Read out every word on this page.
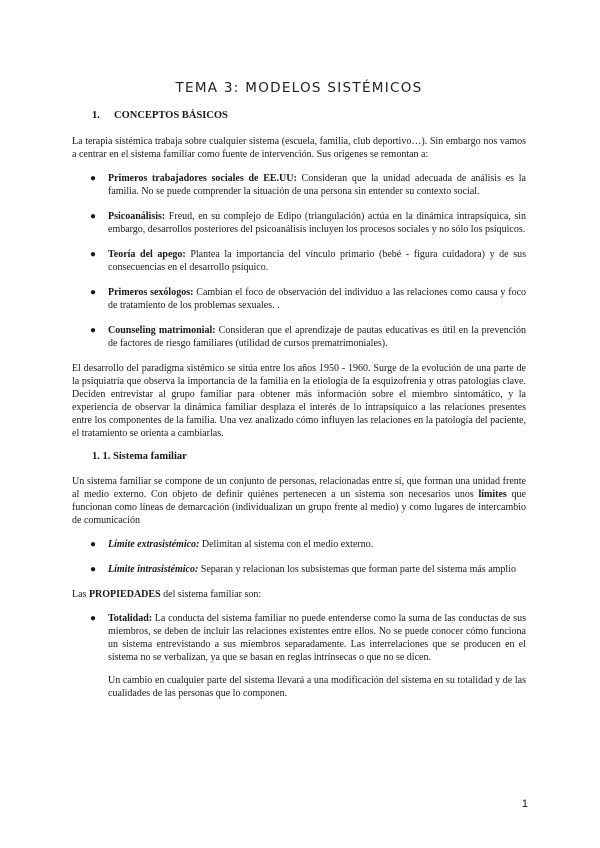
TEMA 3: MODELOS SISTÉMICOS
1. CONCEPTOS BÁSICOS

La terapia sistémica trabaja sobre cualquier sistema (escuela, familia, club deportivo…). Sin embargo nos vamos a centrar en el sistema familiar como fuente de intervención. Sus orígenes se remontan a:

● Primeros trabajadores sociales de EE.UU: Consideran que la unidad adecuada de análisis es la familia. No se puede comprender la situación de una persona sin entender su contexto social.
● Psicoanálisis: Freud, en su complejo de Edipo (triangulación) actúa en la dinámica intrapsíquica, sin embargo, desarrollos posteriores del psicoanálisis incluyen los procesos sociales y no sólo los psíquicos.
● Teoría del apego: Plantea la importancia del vínculo primario (bebé - figura cuidadora) y de sus consecuencias en el desarrollo psíquico.
● Primeros sexólogos: Cambian el foco de observación del individuo a las relaciones como causa y foco de tratamiento de los problemas sexuales. .
● Counseling matrimonial: Consideran que el aprendizaje de pautas educativas es útil en la prevención de factores de riesgo familiares (utilidad de cursos prematrimoniales).

El desarrollo del paradigma sistémico se sitúa entre los años 1950 - 1960. Surge de la evolución de una parte de la psiquiatría que observa la importancia de la familia en la etiología de la esquizofrenia y otras patologías clave. Deciden entrevistar al grupo familiar para obtener más información sobre el miembro sintomático, y la experiencia de observar la dinámica familiar desplaza el interés de lo intrapsíquico a las relaciones presentes entre los componentes de la familia. Una vez analizado cómo influyen las relaciones en la patología del paciente, el tratamiento se orienta a cambiarlas.

1. 1. Sistema familiar

Un sistema familiar se compone de un conjunto de personas, relacionadas entre sí, que forman una unidad frente al medio externo. Con objeto de definir quiénes pertenecen a un sistema son necesarios unos límites que funcionan como líneas de demarcación (individualizan un grupo frente al medio) y como lugares de intercambio de comunicación

● Límite extrasistémico: Delimitan al sistema con el medio externo.
● Límite intrasistémico: Separan y relacionan los subsistemas que forman parte del sistema más amplio

Las PROPIEDADES del sistema familiar son:

● Totalidad: La conducta del sistema familiar no puede entenderse como la suma de las conductas de sus miembros, se deben de incluir las relaciones existentes entre ellos. No se puede conocer cómo funciona un sistema entrevistando a sus miembros separadamente. Las interrelaciones que se producen en el sistema no se verbalizan, ya que se basan en reglas intrínsecas o que no se dicen.

Un cambio en cualquier parte del sistema llevará a una modificación del sistema en su totalidad y de las cualidades de las personas que lo componen.

1
